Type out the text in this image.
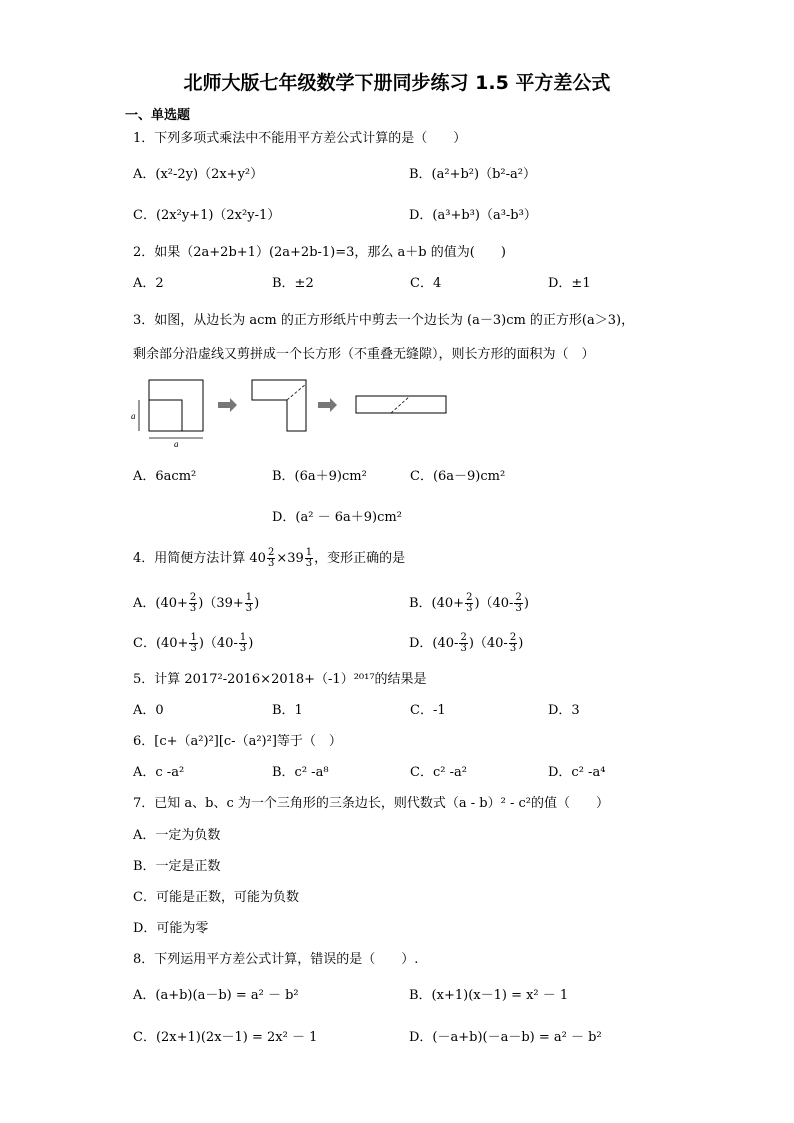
北师大版七年级数学下册同步练习 1.5 平方差公式
一、单选题
1．下列多项式乘法中不能用平方差公式计算的是（　　）
A．(x²-2y)（2x+y²）	B．(a²+b²)（b²-a²）
C．(2x²y+1)（2x²y-1）	D．(a³+b³)（a³-b³）
2．如果（2a+2b+1）(2a+2b-1)=3，那么 a＋b 的值为(　　)
A．2	B．±2	C．4	D．±1
3．如图，从边长为 acm 的正方形纸片中剪去一个边长为 (a－3)cm 的正方形(a＞3)，
剩余部分沿虚线又剪拼成一个长方形（不重叠无缝隙），则长方形的面积为（　）
a
a
A．6acm²	B．(6a＋9)cm²	C．(6a－9)cm²
D．(a² － 6a＋9)cm²
4．用简便方法计算 $40 \frac{2}{3} \times 39 \frac{1}{3}$ ，变形正确的是
A．$(40+ \frac{2}{3} )(39+ \frac{1}{3}$ )	B．$(40+ \frac{2}{3} )(40- \frac{2}{3}$ )
C．$(40+ \frac{1}{3} )(40- \frac{1}{3}$ )	D．$(40- \frac{2}{3} )(40- \frac{2}{3}$ )
5．计算 2017²-2016×2018+（-1）²⁰¹⁷的结果是
A．0	B．1	C．-1	D．3
6．[c+（a²)²][c-（a²)²]等于（　）
A．c -a²	B．c² -a⁸	C．c² -a²	D．c² -a⁴
7．已知 a、b、c 为一个三角形的三条边长，则代数式（a - b）² - c²的值（　　）
A．一定为负数
B．一定是正数
C．可能是正数，可能为负数
D．可能为零
8．下列运用平方差公式计算，错误的是（　　）.
A．(a+b)(a－b) = a² － b²	B．(x+1)(x－1) = x² － 1
C．(2x+1)(2x－1) = 2x² － 1	D．(－a+b)(－a－b) = a² － b²
